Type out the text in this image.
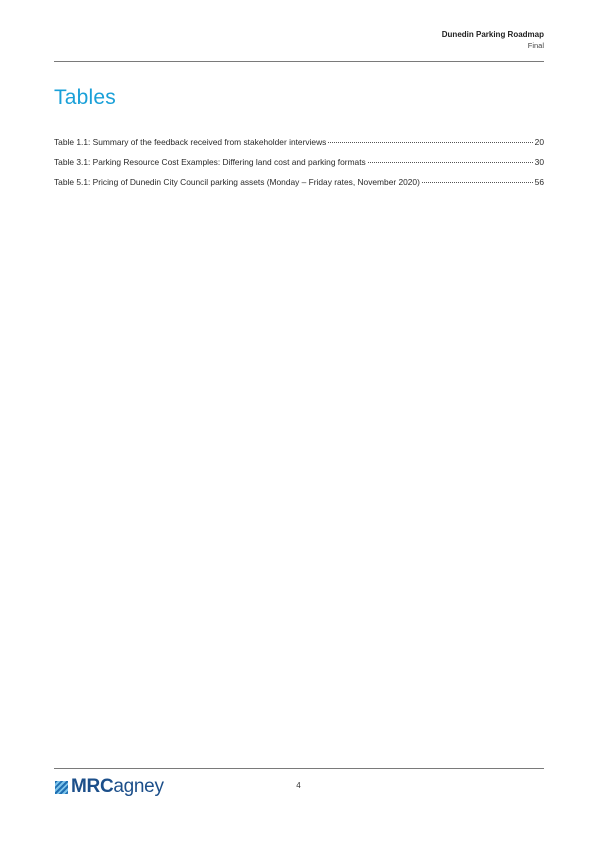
Dunedin Parking Roadmap
Final
Tables
Table 1.1: Summary of the feedback received from stakeholder interviews	20
Table 3.1: Parking Resource Cost Examples: Differing land cost and parking formats	30
Table 5.1: Pricing of Dunedin City Council parking assets (Monday – Friday rates, November 2020)	56
MRCagney	4
